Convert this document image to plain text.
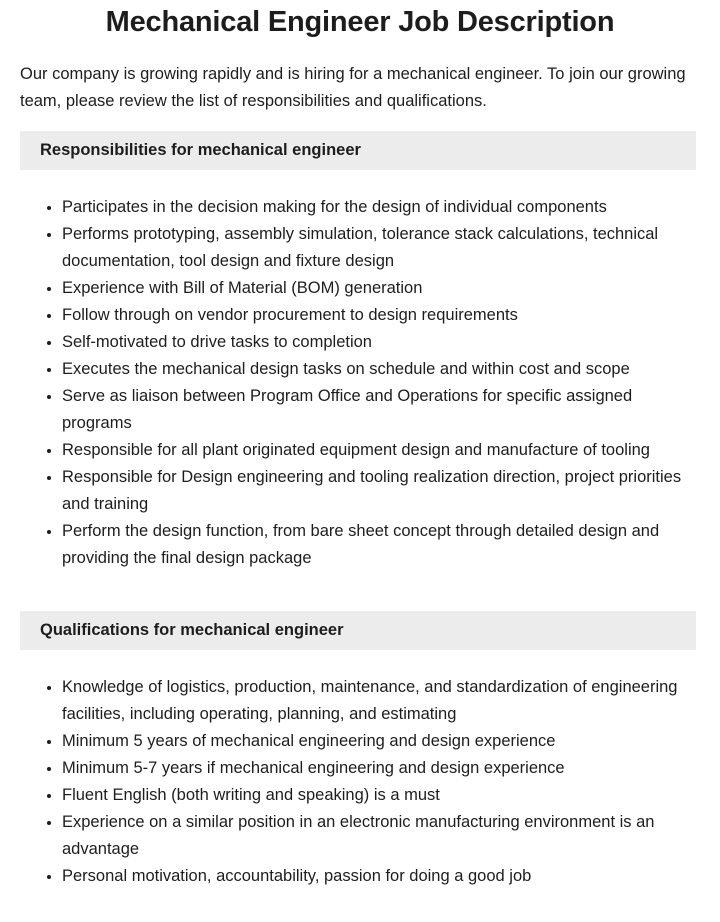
Mechanical Engineer Job Description

Our company is growing rapidly and is hiring for a mechanical engineer. To join our growing team, please review the list of responsibilities and qualifications.

Responsibilities for mechanical engineer
• Participates in the decision making for the design of individual components
• Performs prototyping, assembly simulation, tolerance stack calculations, technical documentation, tool design and fixture design
• Experience with Bill of Material (BOM) generation
• Follow through on vendor procurement to design requirements
• Self-motivated to drive tasks to completion
• Executes the mechanical design tasks on schedule and within cost and scope
• Serve as liaison between Program Office and Operations for specific assigned programs
• Responsible for all plant originated equipment design and manufacture of tooling
• Responsible for Design engineering and tooling realization direction, project priorities and training
• Perform the design function, from bare sheet concept through detailed design and providing the final design package
Qualifications for mechanical engineer
• Knowledge of logistics, production, maintenance, and standardization of engineering facilities, including operating, planning, and estimating
• Minimum 5 years of mechanical engineering and design experience
• Minimum 5-7 years if mechanical engineering and design experience
• Fluent English (both writing and speaking) is a must
• Experience on a similar position in an electronic manufacturing environment is an advantage
• Personal motivation, accountability, passion for doing a good job
